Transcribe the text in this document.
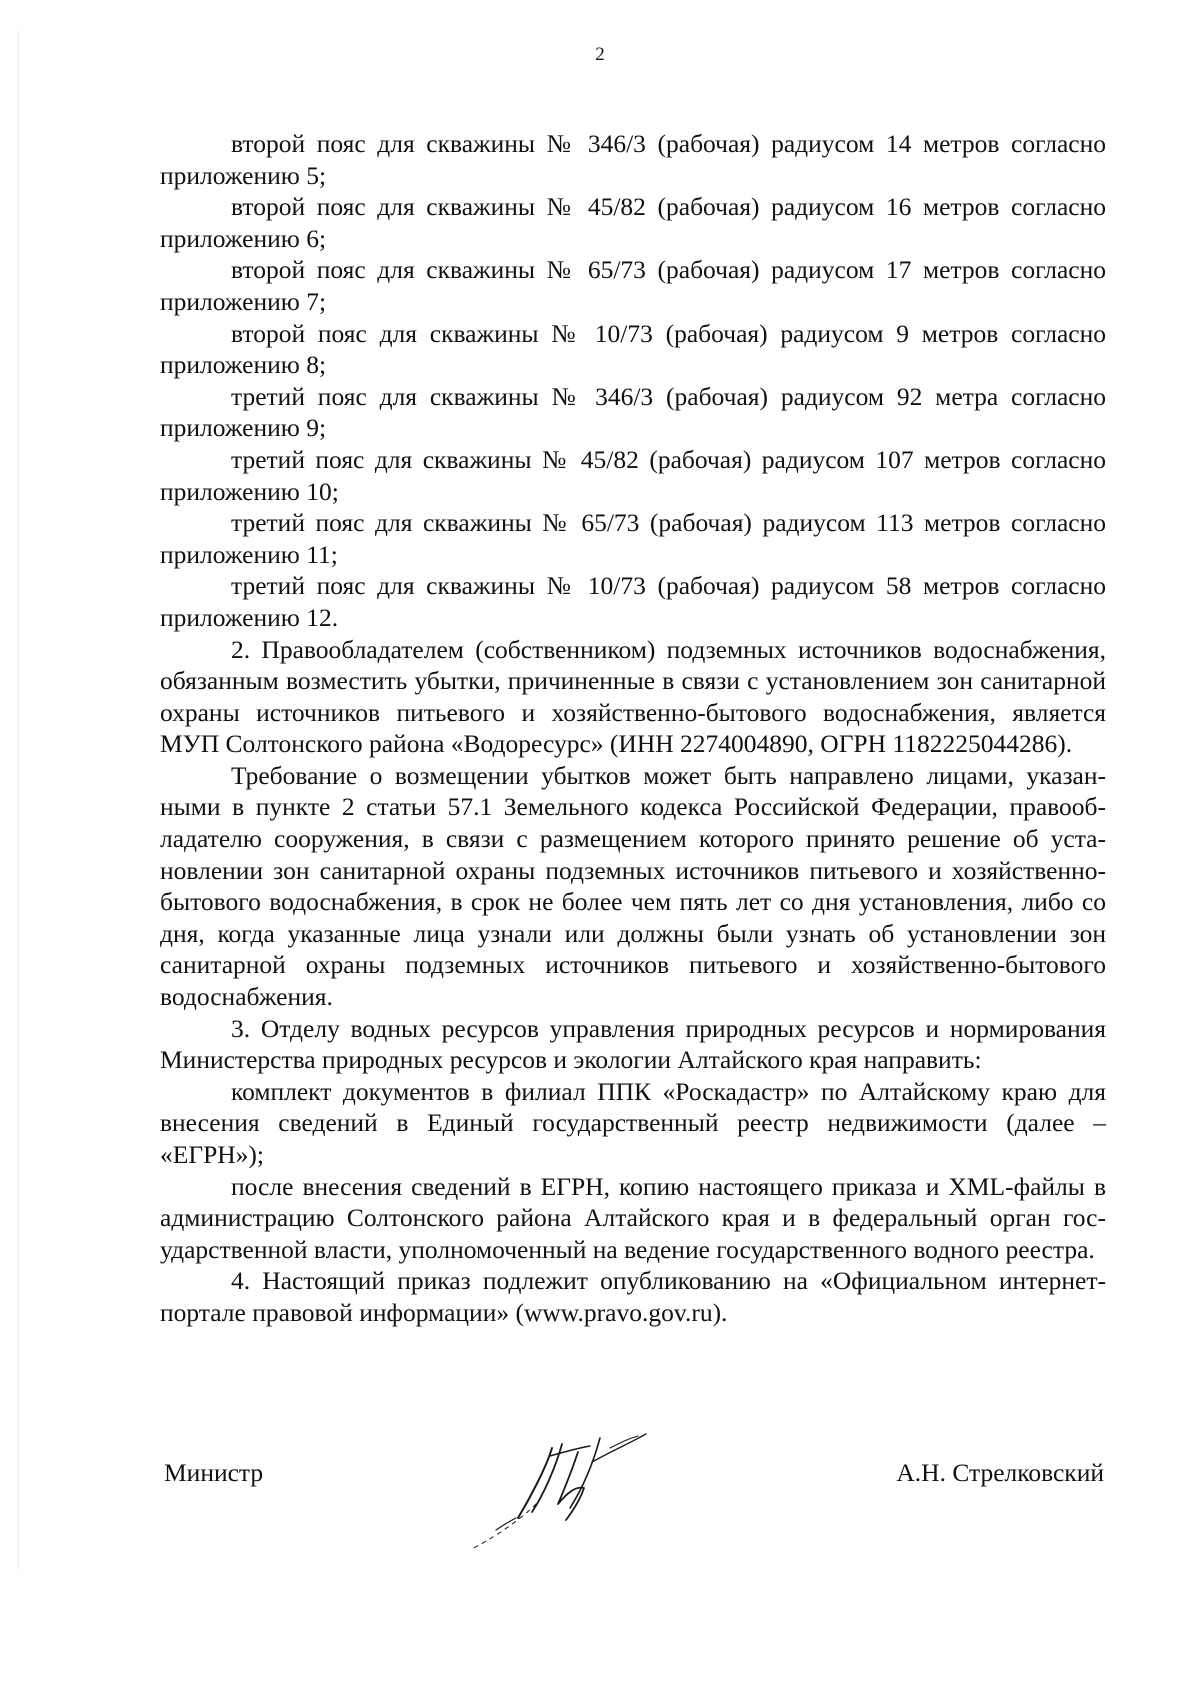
2

второй пояс для скважины № 346/3 (рабочая) радиусом 14 метров согласно приложению 5;

второй пояс для скважины № 45/82 (рабочая) радиусом 16 метров согласно приложению 6;

второй пояс для скважины № 65/73 (рабочая) радиусом 17 метров согласно приложению 7;

второй пояс для скважины № 10/73 (рабочая) радиусом 9 метров согласно приложению 8;

третий пояс для скважины № 346/3 (рабочая) радиусом 92 метра согласно приложению 9;

третий пояс для скважины № 45/82 (рабочая) радиусом 107 метров согласно приложению 10;

третий пояс для скважины № 65/73 (рабочая) радиусом 113 метров согласно приложению 11;

третий пояс для скважины № 10/73 (рабочая) радиусом 58 метров согласно приложению 12.

2. Правообладателем (собственником) подземных источников водоснабжения, обязанным возместить убытки, причиненные в связи с установлением зон санитарной охраны источников питьевого и хозяйственно-бытового водоснабжения, является МУП Солтонского района «Водоресурс» (ИНН 2274004890, ОГРН 1182225044286).

Требование о возмещении убытков может быть направлено лицами, указанными в пункте 2 статьи 57.1 Земельного кодекса Российской Федерации, правообладателю сооружения, в связи с размещением которого принято решение об установлении зон санитарной охраны подземных источников питьевого и хозяйственно-бытового водоснабжения, в срок не более чем пять лет со дня установления, либо со дня, когда указанные лица узнали или должны были узнать об установлении зон санитарной охраны подземных источников питьевого и хозяйственно-бытового водоснабжения.

3. Отделу водных ресурсов управления природных ресурсов и нормирования Министерства природных ресурсов и экологии Алтайского края направить:

комплект документов в филиал ППК «Роскадастр» по Алтайскому краю для внесения сведений в Единый государственный реестр недвижимости (далее – «ЕГРН»);

после внесения сведений в ЕГРН, копию настоящего приказа и XML-файлы в администрацию Солтонского района Алтайского края и в федеральный орган государственной власти, уполномоченный на ведение государственного водного реестра.

4. Настоящий приказ подлежит опубликованию на «Официальном интернет-портале правовой информации» (www.pravo.gov.ru).

Министр	А.Н. Стрелковский
